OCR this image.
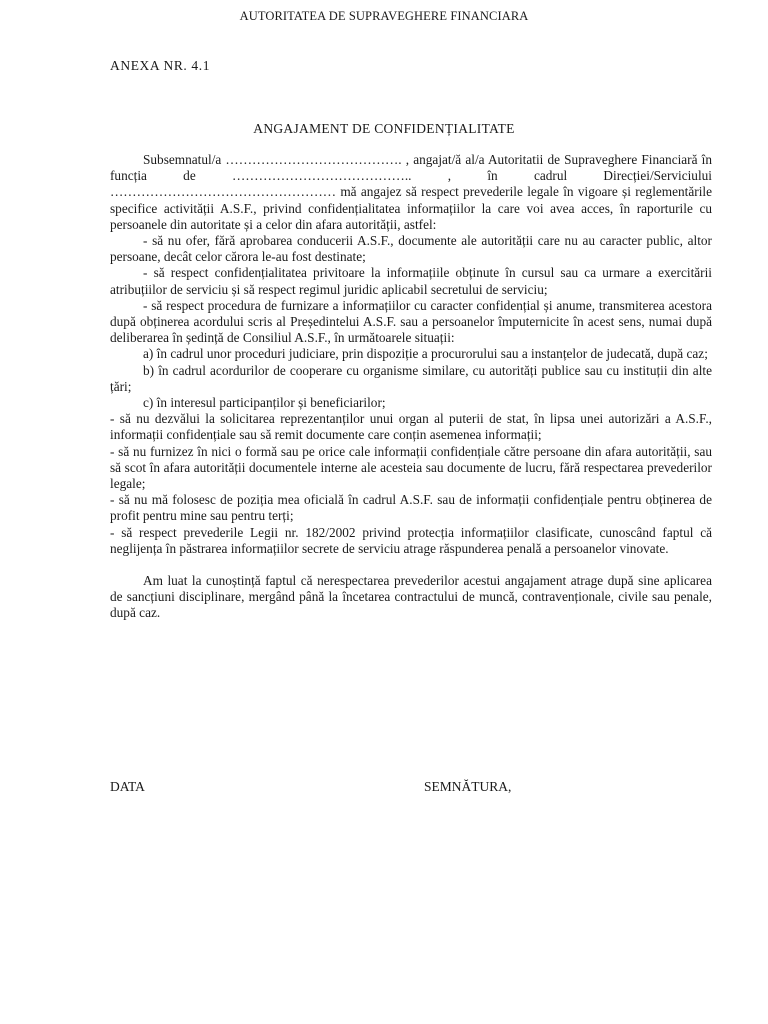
AUTORITATEA DE SUPRAVEGHERE FINANCIARA
ANEXA NR. 4.1
ANGAJAMENT DE CONFIDENȚIALITATE

Subsemnatul/a …………………………………. , angajat/ă al/a Autoritatii de Supraveghere Financiară în funcția de ………………………………….. , în cadrul Direcției/Serviciului …………………………………………… mă angajez să respect prevederile legale în vigoare și reglementările specifice activității A.S.F., privind confidențialitatea informațiilor la care voi avea acces, în raporturile cu persoanele din autoritate și a celor din afara autorității, astfel:

- să nu ofer, fără aprobarea conducerii A.S.F., documente ale autorității care nu au caracter public, altor persoane, decât celor cărora le-au fost destinate;

- să respect confidențialitatea privitoare la informațiile obținute în cursul sau ca urmare a exercitării atribuțiilor de serviciu și să respect regimul juridic aplicabil secretului de serviciu;

- să respect procedura de furnizare a informațiilor cu caracter confidențial și anume, transmiterea acestora după obținerea acordului scris al Președintelui A.S.F. sau a persoanelor împuternicite în acest sens, numai după deliberarea în ședință de Consiliul A.S.F., în următoarele situații:

a) în cadrul unor proceduri judiciare, prin dispoziție a procurorului sau a instanțelor de judecată, după caz;

b) în cadrul acordurilor de cooperare cu organisme similare, cu autorități publice sau cu instituții din alte țări;

c) în interesul participanților și beneficiarilor;

- să nu dezvălui la solicitarea reprezentanților unui organ al puterii de stat, în lipsa unei autorizări a A.S.F., informații confidențiale sau să remit documente care conțin asemenea informații;

- să nu furnizez în nici o formă sau pe orice cale informații confidențiale către persoane din afara autorității, sau să scot în afara autorității documentele interne ale acesteia sau documente de lucru, fără respectarea prevederilor legale;

- să nu mă folosesc de poziția mea oficială în cadrul A.S.F. sau de informații confidențiale pentru obținerea de profit pentru mine sau pentru terți;

- să respect prevederile Legii nr. 182/2002 privind protecția informațiilor clasificate, cunoscând faptul că neglijența în păstrarea informațiilor secrete de serviciu atrage răspunderea penală a persoanelor vinovate.

Am luat la cunoștință faptul că nerespectarea prevederilor acestui angajament atrage după sine aplicarea de sancțiuni disciplinare, mergând până la încetarea contractului de muncă, contravenționale, civile sau penale, după caz.

DATA	SEMNĂTURA,
